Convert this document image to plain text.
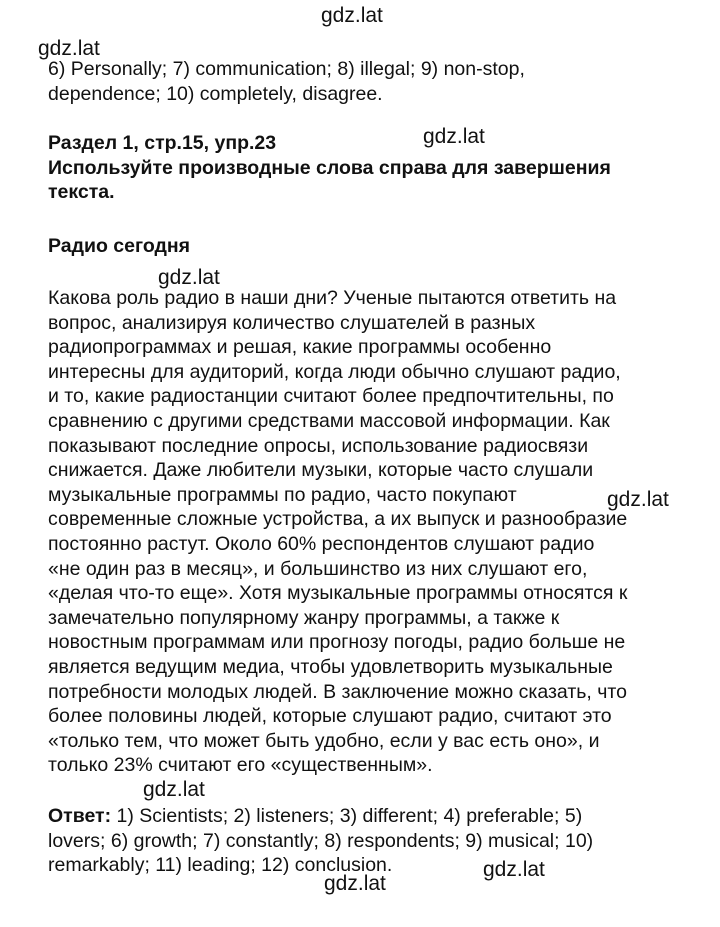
gdz.lat
gdz.lat
gdz.lat
gdz.lat
gdz.lat
gdz.lat
gdz.lat
gdz.lat
6) Personally; 7) communication; 8) illegal; 9) non-stop,
dependence; 10) completely, disagree.
Раздел 1, стр.15, упр.23
Используйте производные слова справа для завершения
текста.
Радио сегодня
Какова роль радио в наши дни? Ученые пытаются ответить на
вопрос, анализируя количество слушателей в разных
радиопрограммах и решая, какие программы особенно
интересны для аудиторий, когда люди обычно слушают радио,
и то, какие радиостанции считают более предпочтительны, по
сравнению с другими средствами массовой информации. Как
показывают последние опросы, использование радиосвязи
снижается. Даже любители музыки, которые часто слушали
музыкальные программы по радио, часто покупают
современные сложные устройства, а их выпуск и разнообразие
постоянно растут. Около 60% респондентов слушают радио
«не один раз в месяц», и большинство из них слушают его,
«делая что-то еще». Хотя музыкальные программы относятся к
замечательно популярному жанру программы, а также к
новостным программам или прогнозу погоды, радио больше не
является ведущим медиа, чтобы удовлетворить музыкальные
потребности молодых людей. В заключение можно сказать, что
более половины людей, которые слушают радио, считают это
«только тем, что может быть удобно, если у вас есть оно», и
только 23% считают его «существенным».
Ответ: 1) Scientists; 2) listeners; 3) different; 4) preferable; 5)
lovers; 6) growth; 7) constantly; 8) respondents; 9) musical; 10)
remarkably; 11) leading; 12) conclusion.
